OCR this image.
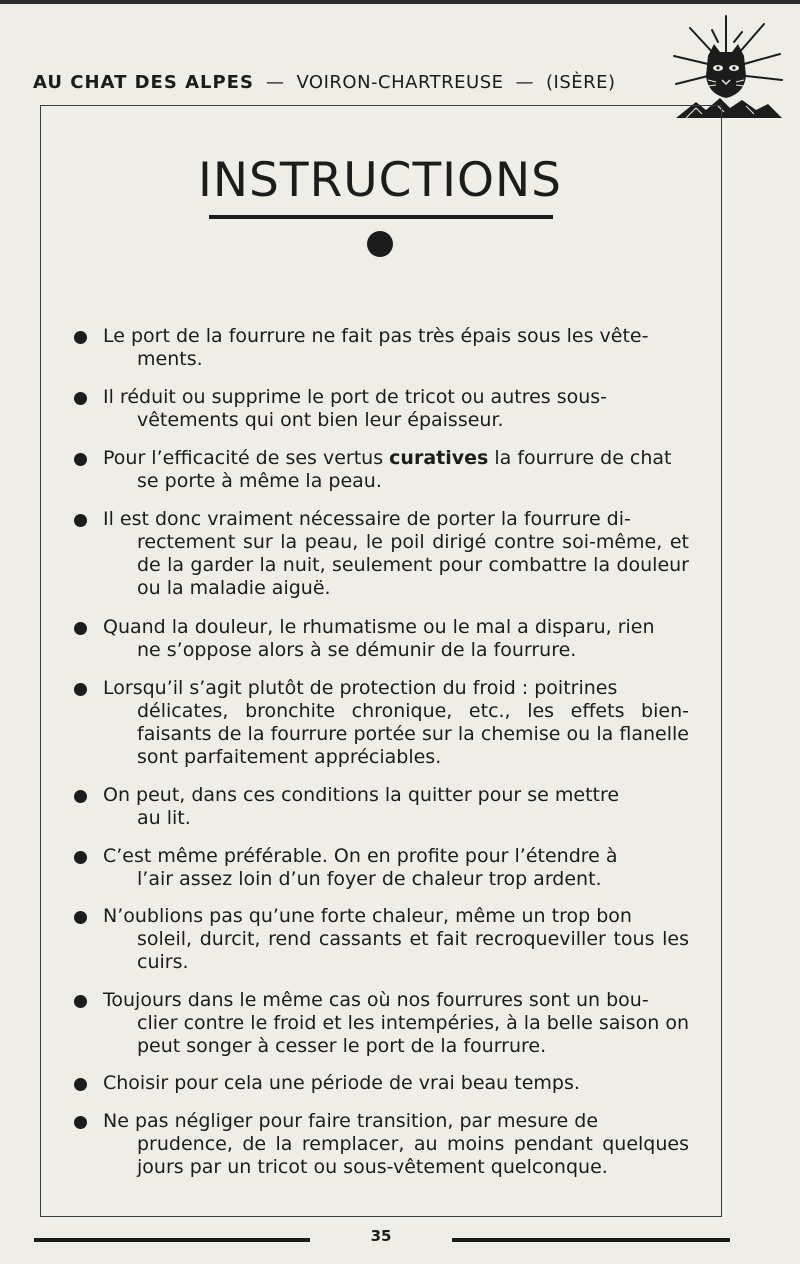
AU CHAT DES ALPES — VOIRON-CHARTREUSE — (ISÈRE)
INSTRUCTIONS
Le port de la fourrure ne fait pas très épais sous les vête-
ments.
Il réduit ou supprime le port de tricot ou autres sous-
vêtements qui ont bien leur épaisseur.
Pour l’efficacité de ses vertus curatives la fourrure de chat
se porte à même la peau.
Il est donc vraiment nécessaire de porter la fourrure di-
rectement sur la peau, le poil dirigé contre soi-même, et de la garder la nuit, seulement pour combattre la douleur ou la maladie aiguë.
Quand la douleur, le rhumatisme ou le mal a disparu, rien
ne s’oppose alors à se démunir de la fourrure.
Lorsqu’il s’agit plutôt de protection du froid : poitrines
délicates, bronchite chronique, etc., les effets bien-faisants de la fourrure portée sur la chemise ou la flanelle sont parfaitement appréciables.
On peut, dans ces conditions la quitter pour se mettre
au lit.
C’est même préférable. On en profite pour l’étendre à
l’air assez loin d’un foyer de chaleur trop ardent.
N’oublions pas qu’une forte chaleur, même un trop bon
soleil, durcit, rend cassants et fait recroqueviller tous les cuirs.
Toujours dans le même cas où nos fourrures sont un bou-
clier contre le froid et les intempéries, à la belle saison on peut songer à cesser le port de la fourrure.
Choisir pour cela une période de vrai beau temps.
Ne pas négliger pour faire transition, par mesure de
prudence, de la remplacer, au moins pendant quelques jours par un tricot ou sous-vêtement quelconque.
35
